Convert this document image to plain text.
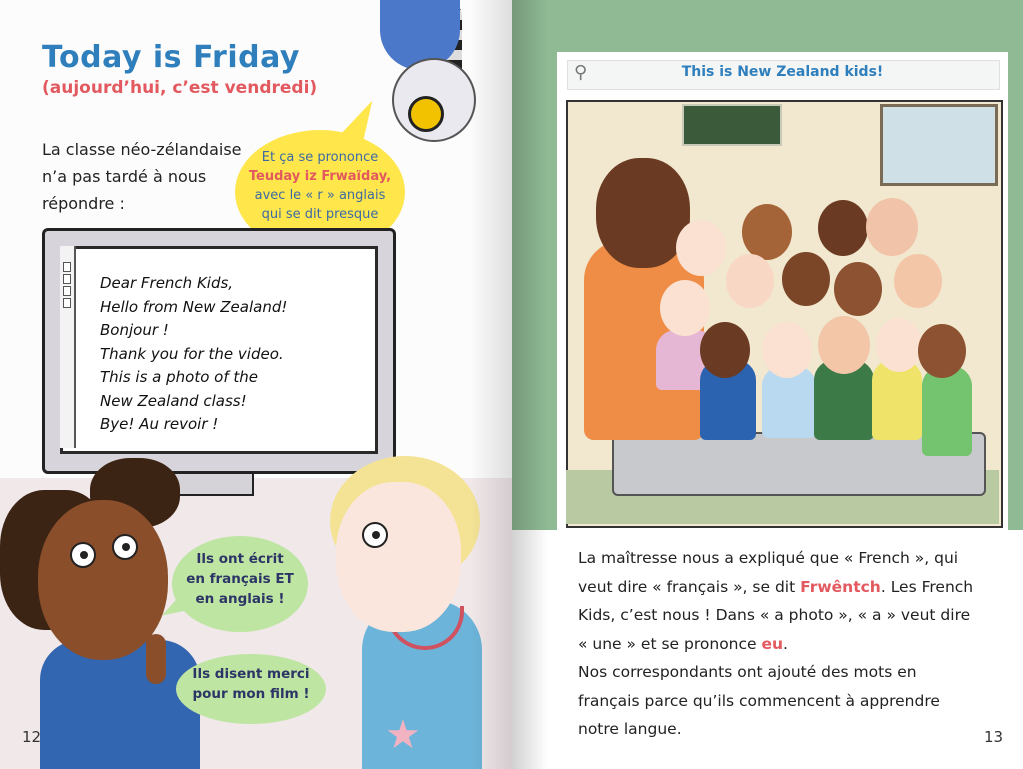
Today is Friday
(aujourd’hui, c’est vendredi)
La classe néo-zélandaise n’a pas tardé à nous répondre :
Et ça se prononce
Teuday iz Frwaïday,
avec le « r » anglais
qui se dit presque
Dear French Kids,
Hello from New Zealand!
Bonjour !
Thank you for the video.
This is a photo of the
New Zealand class!
Bye! Au revoir !
★
Ils ont écrit
en français ET
en anglais !
Ils disent merci
pour mon film !
12
⚲	This is New Zealand kids!
La maîtresse nous a expliqué que « French », qui veut dire « français », se dit Frwêntch. Les French Kids, c’est nous ! Dans « a photo », « a » veut dire « une » et se prononce eu.
Nos correspondants ont ajouté des mots en français parce qu’ils commencent à apprendre notre langue.	13
